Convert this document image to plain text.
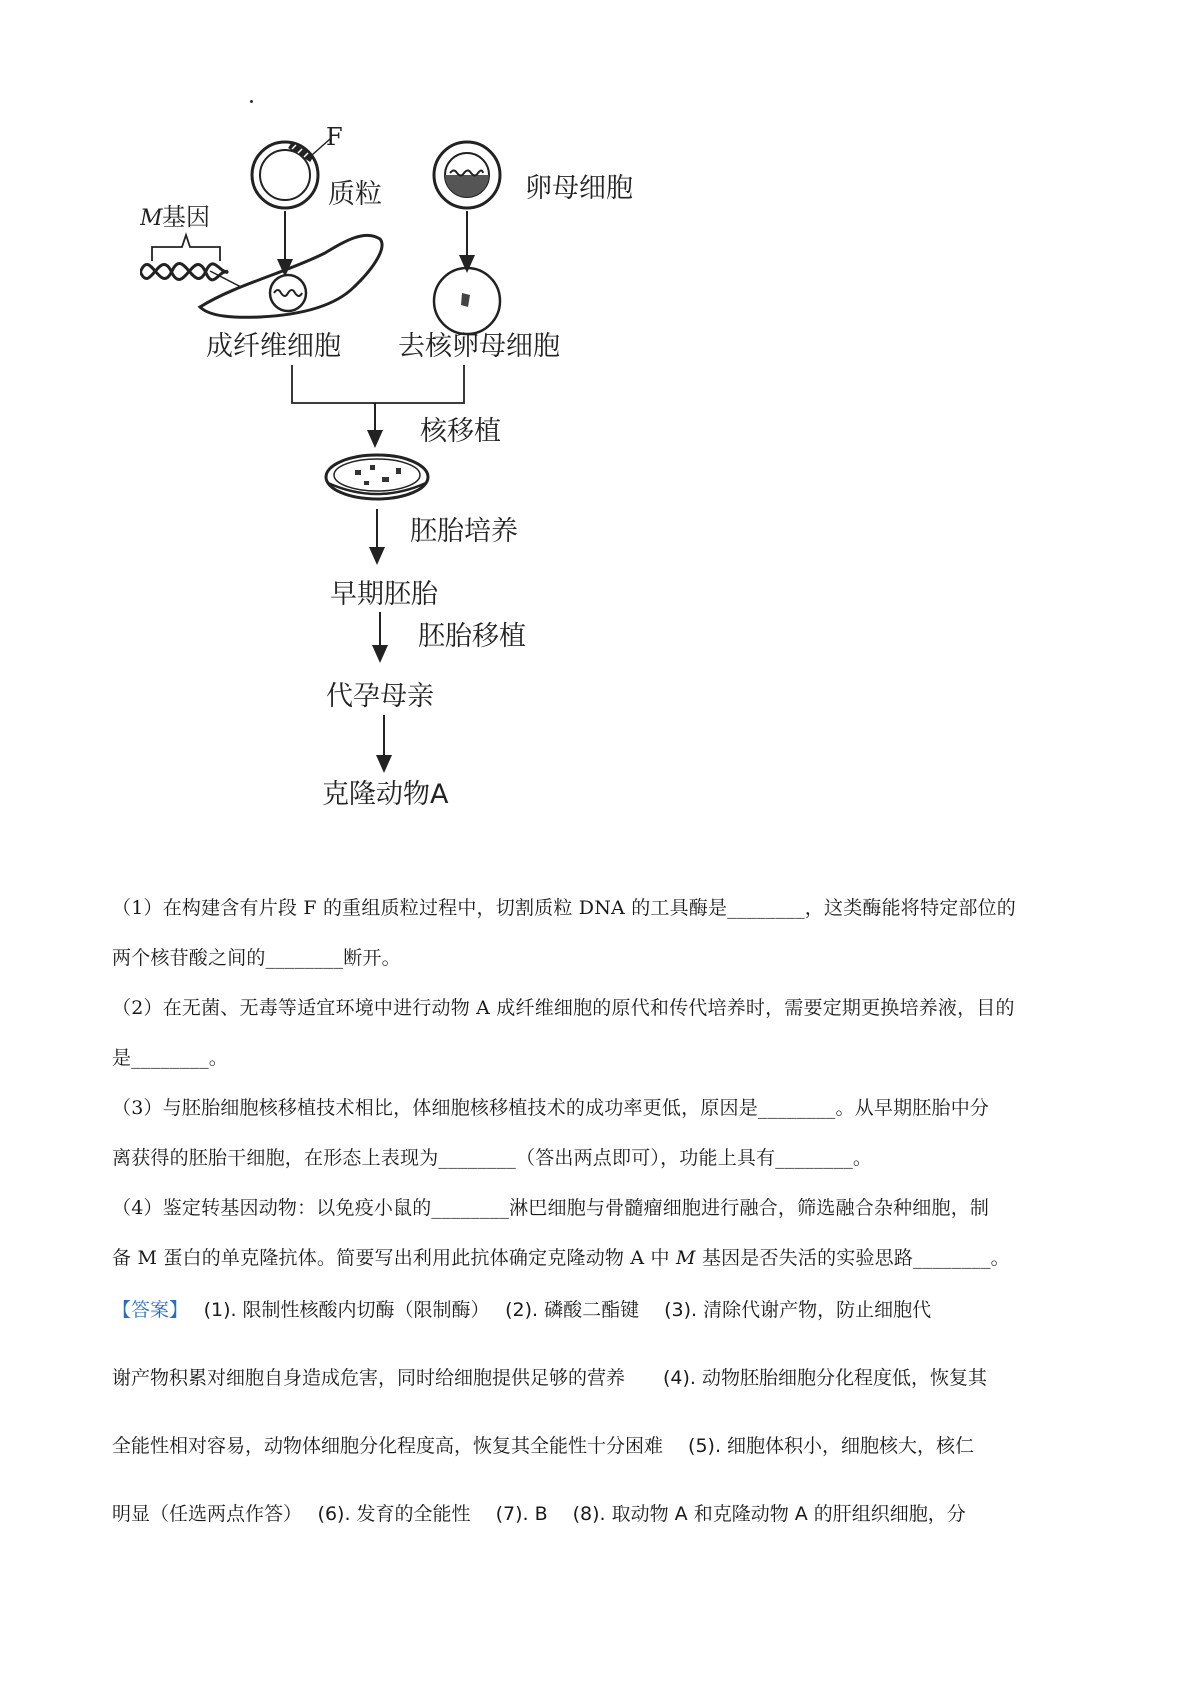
F
质粒
M 基因
成纤维细胞
卵母细胞
去核卵母细胞
核移植
胚胎培养
早期胚胎
胚胎移植
代孕母亲
克隆动物A

（1）在构建含有片段 F 的重组质粒过程中，切割质粒 DNA 的工具酶是________，这类酶能将特定部位的

两个核苷酸之间的________断开。

（2）在无菌、无毒等适宜环境中进行动物 A 成纤维细胞的原代和传代培养时，需要定期更换培养液，目的

是________。

（3）与胚胎细胞核移植技术相比，体细胞核移植技术的成功率更低，原因是________。从早期胚胎中分

离获得的胚胎干细胞，在形态上表现为________（答出两点即可），功能上具有________。

（4）鉴定转基因动物：以免疫小鼠的________淋巴细胞与骨髓瘤细胞进行融合，筛选融合杂种细胞，制

备 M 蛋白的单克隆抗体。简要写出利用此抗体确定克隆动物 A 中 M 基因是否失活的实验思路________。

【答案】　 (1). 限制性核酸内切酶（限制酶）　 (2). 磷酸二酯键　 (3). 清除代谢产物，防止细胞代

谢产物积累对细胞自身造成危害，同时给细胞提供足够的营养　　(4). 动物胚胎细胞分化程度低，恢复其

全能性相对容易，动物体细胞分化程度高，恢复其全能性十分困难　 (5). 细胞体积小，细胞核大，核仁

明显（任选两点作答）　 (6). 发育的全能性　 (7). B　 (8). 取动物 A 和克隆动物 A 的肝组织细胞，分
